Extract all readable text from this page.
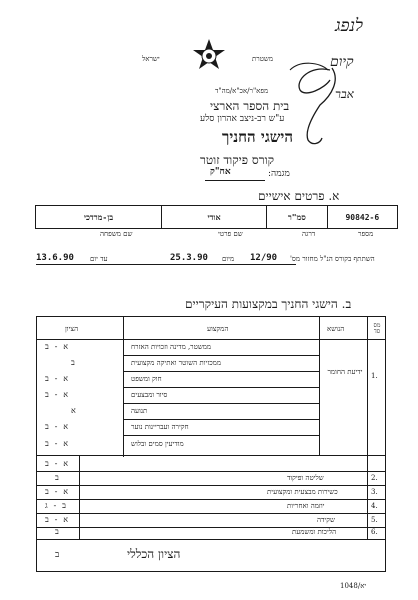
לנפג
קיום
אבר
משטרת
ישראל
מפא"ר/אכ"א/מה"ד
בית הספר הארצי
ע"ש רב-ניצב אהרון סלע
הישגי החניך
קורס פיקוד זוטר
מגמה:
אח"ק
א. פרטים אישיים
90842-6
סמ"ר
אודי
בן-מרדכי
מספר
דרגה
שם פרטי
שם משפחה
השתתף בקורס הנ"ל מחזור מס'
12/90
מיום
25.3.90
עד יום
13.6.90
ב. הישגי החניך במקצועות העיקריים
מס סד
הנושא
המקצוע
הציון
1.
ידיעת החומר
ממשטר, מדינה וזכויות האזרח
א - ב
ממכזיות השוטר ואתיקה מקצועית
ב
חוק ומשפט
א - ב
סיור ומבצעים
א - ב
תנועה
א
חקירה ועבריינות נוער
א - ב
מודיעין סמים ובלוש
א - ב
א - ב
2.
שליטה ופיקוד
ב
3.
כשירות מבצעית ומקצועית
א - ב
4.
יוזמה ואחריות
ב - ג
5.
שקידה
א - ב
6.
הליכות ומשמעת
ב
הציון הכללי
ב
1048/יא
